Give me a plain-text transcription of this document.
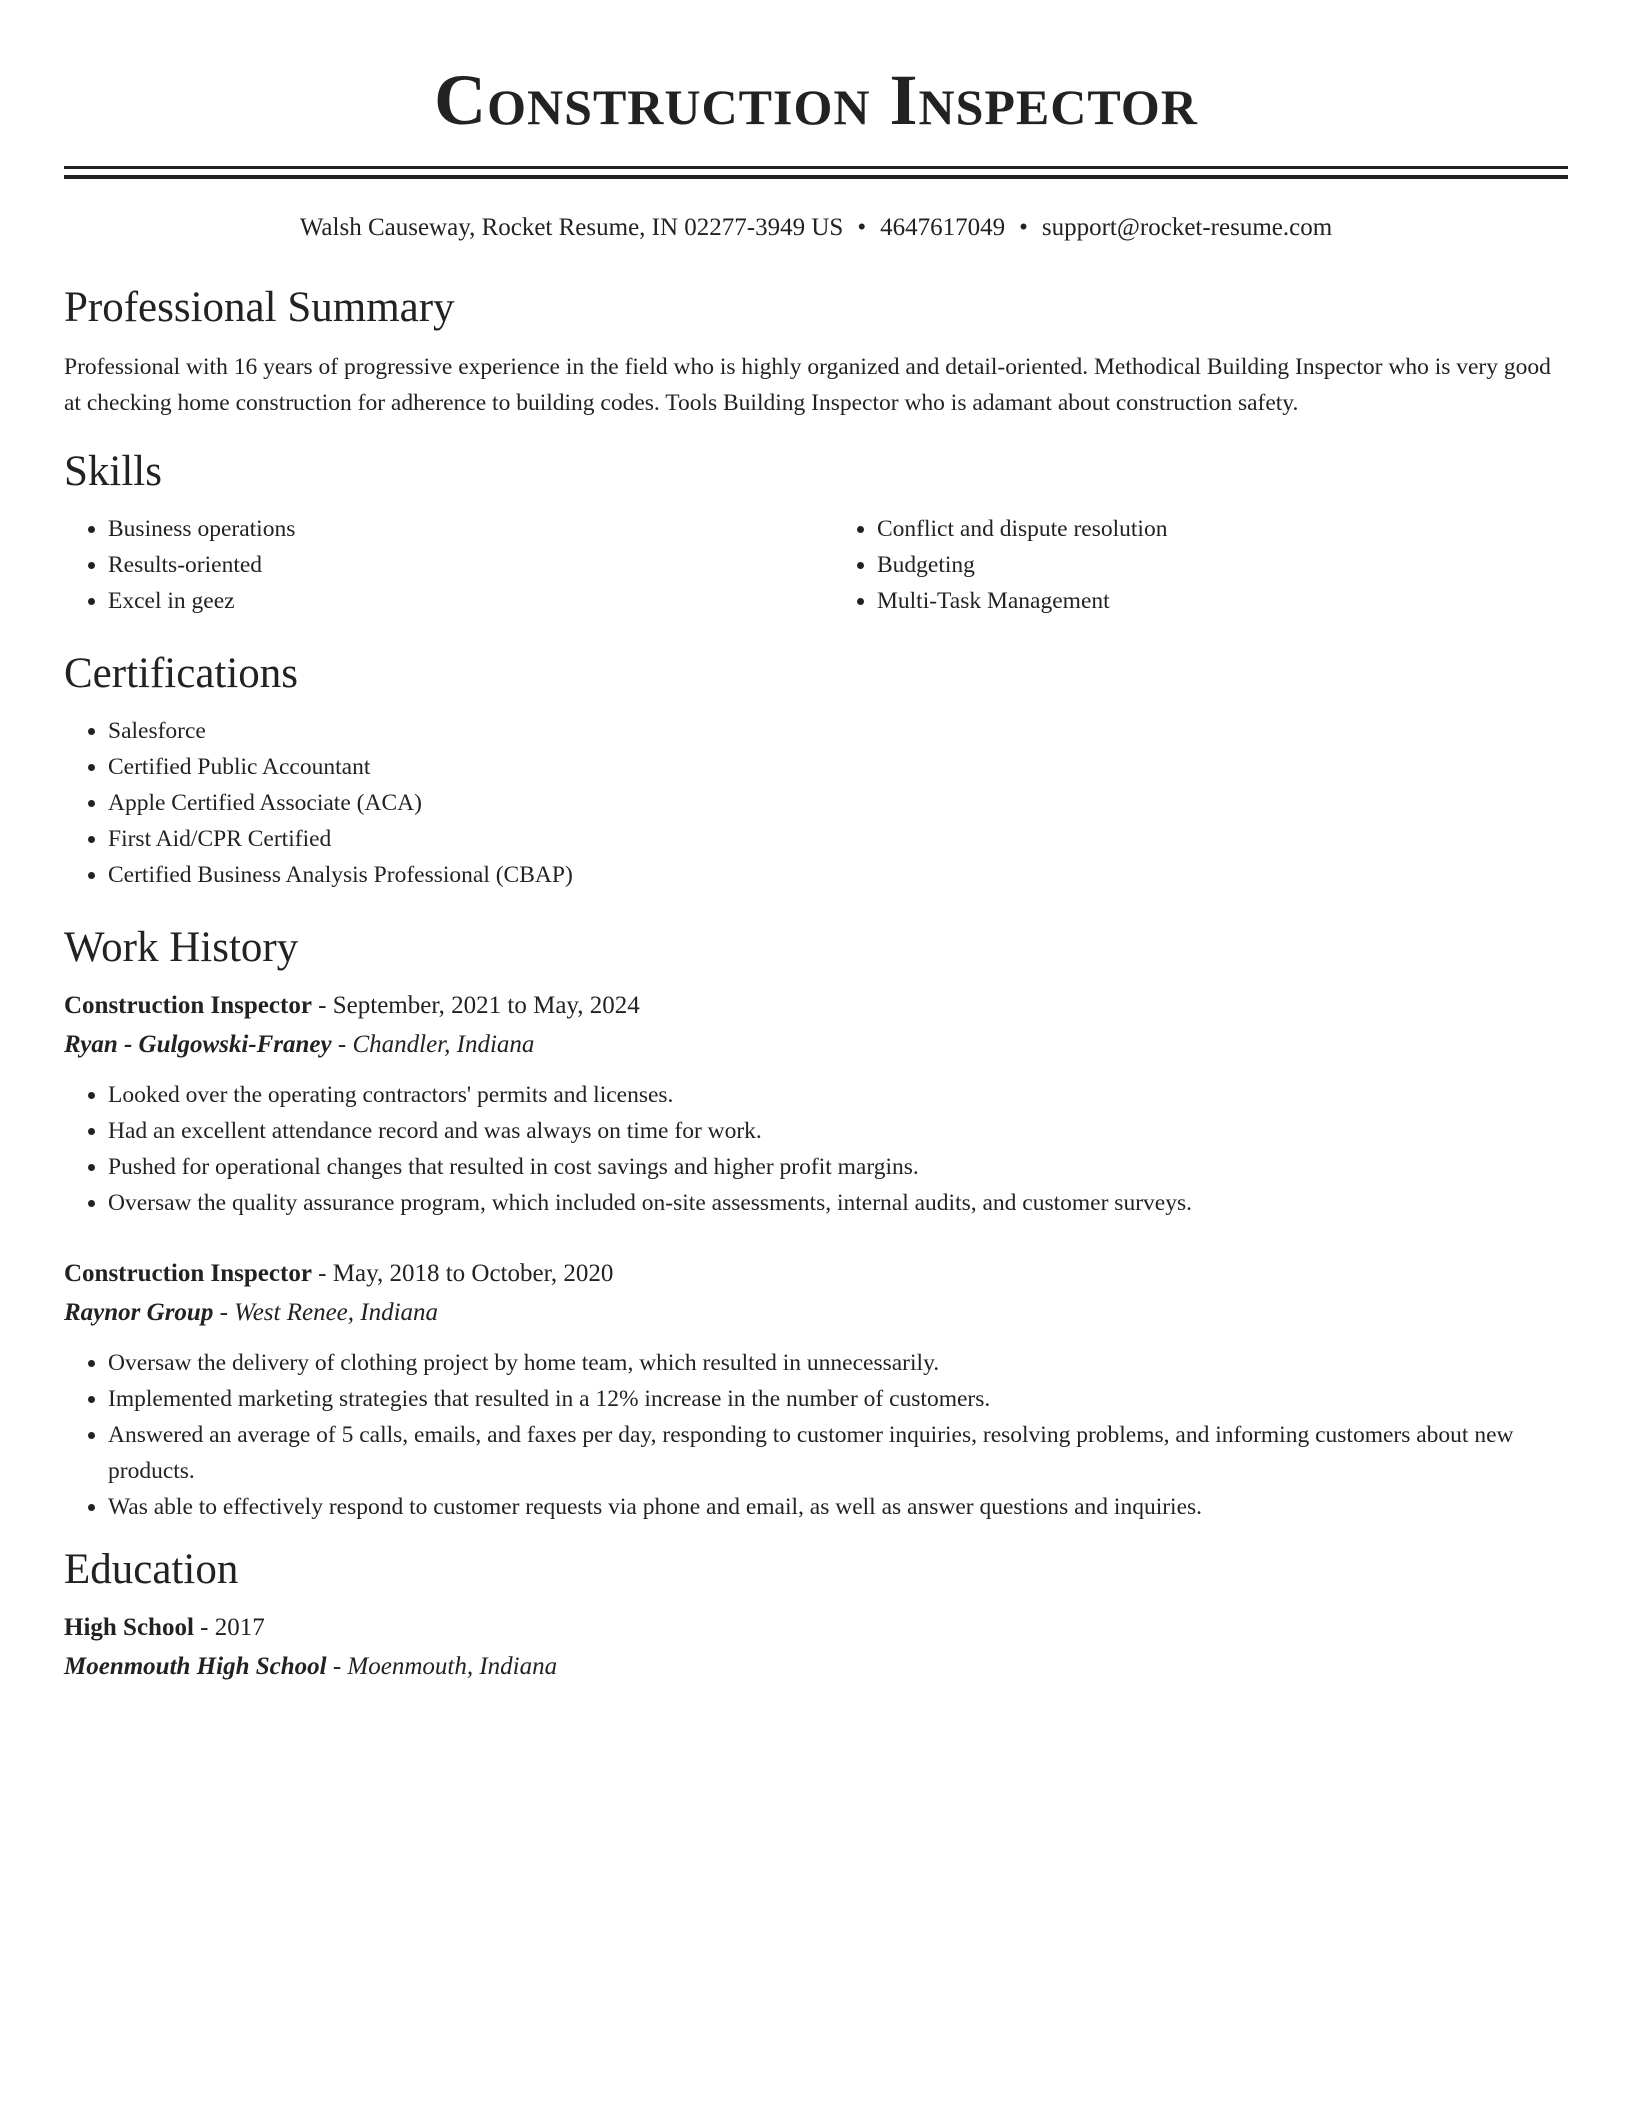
Construction Inspector
Walsh Causeway, Rocket Resume, IN 02277-3949 US • 4647617049 • support@rocket-resume.com
Professional Summary

Professional with 16 years of progressive experience in the field who is highly organized and detail-oriented. Methodical Building Inspector who is very good at checking home construction for adherence to building codes. Tools Building Inspector who is adamant about construction safety.

Skills
• Business operations
• Results-oriented
• Excel in geez
• Conflict and dispute resolution
• Budgeting
• Multi-Task Management
Certifications
• Salesforce
• Certified Public Accountant
• Apple Certified Associate (ACA)
• First Aid/CPR Certified
• Certified Business Analysis Professional (CBAP)
Work History
Construction Inspector - September, 2021 to May, 2024
Ryan - Gulgowski-Franey - Chandler, Indiana
• Looked over the operating contractors' permits and licenses.
• Had an excellent attendance record and was always on time for work.
• Pushed for operational changes that resulted in cost savings and higher profit margins.
• Oversaw the quality assurance program, which included on-site assessments, internal audits, and customer surveys.
Construction Inspector - May, 2018 to October, 2020
Raynor Group - West Renee, Indiana
• Oversaw the delivery of clothing project by home team, which resulted in unnecessarily.
• Implemented marketing strategies that resulted in a 12% increase in the number of customers.
• Answered an average of 5 calls, emails, and faxes per day, responding to customer inquiries, resolving problems, and informing customers about new products.
• Was able to effectively respond to customer requests via phone and email, as well as answer questions and inquiries.
Education
High School - 2017
Moenmouth High School - Moenmouth, Indiana
